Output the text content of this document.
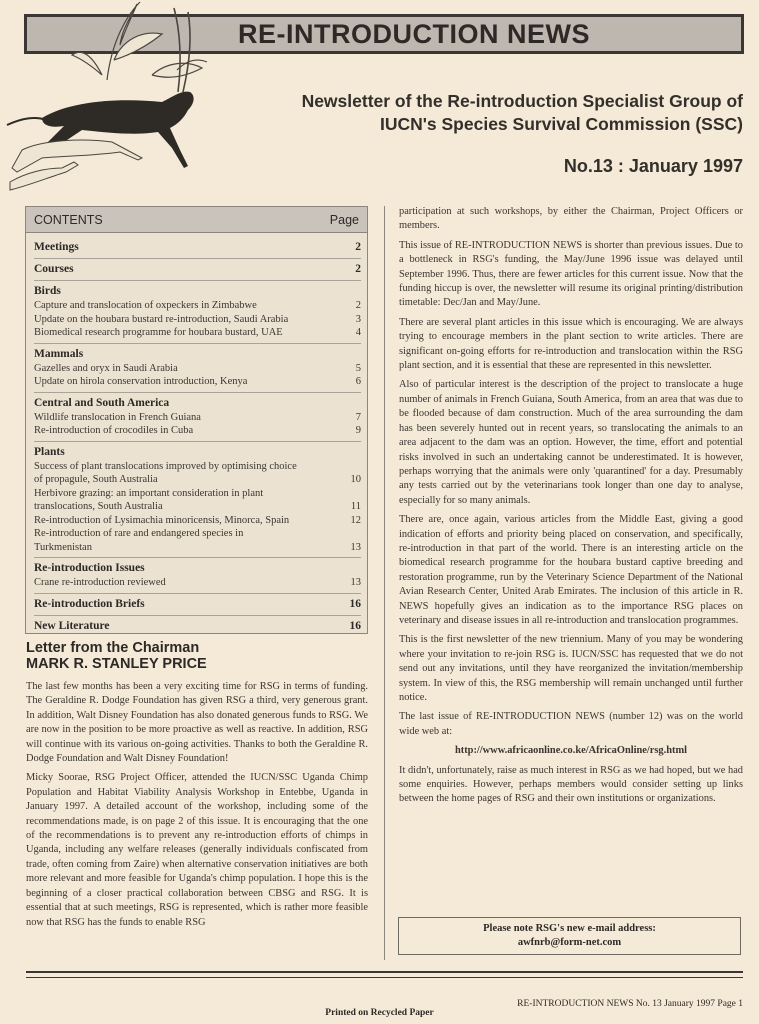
RE-INTRODUCTION NEWS
Newsletter of the Re-introduction Specialist Group of
IUCN's Species Survival Commission (SSC)
No.13 : January 1997
CONTENTS	Page
Meetings	2
Courses	2
Birds
Capture and translocation of oxpeckers in Zimbabwe	2
Update on the houbara bustard re-introduction, Saudi Arabia	3
Biomedical research programme for houbara bustard, UAE	4
Mammals
Gazelles and oryx in Saudi Arabia	5
Update on hirola conservation introduction, Kenya	6
Central and South America
Wildlife translocation in French Guiana	7
Re-introduction of crocodiles in Cuba	9
Plants
Success of plant translocations improved by optimising choice
of propagule, South Australia	10
Herbivore grazing: an important consideration in plant
translocations, South Australia	11
Re-introduction of Lysimachia minoricensis, Minorca, Spain	12
Re-introduction of rare and endangered species in
Turkmenistan	13
Re-introduction Issues
Crane re-introduction reviewed	13
Re-introduction Briefs	16
New Literature	16
Letter from the Chairman
MARK R. STANLEY PRICE

The last few months has been a very exciting time for RSG in terms of funding. The Geraldine R. Dodge Foundation has given RSG a third, very generous grant. In addition, Walt Disney Foundation has also donated generous funds to RSG. We are now in the position to be more proactive as well as reactive. In addition, RSG will continue with its various on-going activities. Thanks to both the Geraldine R. Dodge Foundation and Walt Disney Foundation!

Micky Soorae, RSG Project Officer, attended the IUCN/SSC Uganda Chimp Population and Habitat Viability Analysis Workshop in Entebbe, Uganda in January 1997. A detailed account of the workshop, including some of the recommendations made, is on page 2 of this issue. It is encouraging that the one of the recommendations is to prevent any re-introduction efforts of chimps in Uganda, including any welfare releases (generally individuals confiscated from trade, often coming from Zaire) when alternative conservation initiatives are both more relevant and more feasible for Uganda's chimp population. I hope this is the beginning of a closer practical collaboration between CBSG and RSG. It is essential that at such meetings, RSG is represented, which is rather more feasible now that RSG has the funds to enable RSG

participation at such workshops, by either the Chairman, Project Officers or members.

This issue of RE-INTRODUCTION NEWS is shorter than previous issues. Due to a bottleneck in RSG's funding, the May/June 1996 issue was delayed until September 1996. Thus, there are fewer articles for this current issue. Now that the funding hiccup is over, the newsletter will resume its original printing/distribution timetable: Dec/Jan and May/June.

There are several plant articles in this issue which is encouraging. We are always trying to encourage members in the plant section to write articles. There are significant on-going efforts for re-introduction and translocation within the RSG plant section, and it is essential that these are represented in this newsletter.

Also of particular interest is the description of the project to translocate a huge number of animals in French Guiana, South America, from an area that was due to be flooded because of dam construction. Much of the area surrounding the dam has been severely hunted out in recent years, so translocating the animals to an area adjacent to the dam was an option. However, the time, effort and potential risks involved in such an undertaking cannot be underestimated. It is however, perhaps worrying that the animals were only 'quarantined' for a day. Presumably any tests carried out by the veterinarians took longer than one day to analyse, especially for so many animals.

There are, once again, various articles from the Middle East, giving a good indication of efforts and priority being placed on conservation, and specifically, re-introduction in that part of the world. There is an interesting article on the biomedical research programme for the houbara bustard captive breeding and restoration programme, run by the Veterinary Science Department of the National Avian Research Center, United Arab Emirates. The inclusion of this article in R. NEWS hopefully gives an indication as to the importance RSG places on veterinary and disease issues in all re-introduction and translocation programmes.

This is the first newsletter of the new triennium. Many of you may be wondering where your invitation to re-join RSG is. IUCN/SSC has requested that we do not send out any invitations, until they have reorganized the invitation/membership system. In view of this, the RSG membership will remain unchanged until further notice.

The last issue of RE-INTRODUCTION NEWS (number 12) was on the world wide web at:

http://www.africaonline.co.ke/AfricaOnline/rsg.html

It didn't, unfortunately, raise as much interest in RSG as we had hoped, but we had some enquiries. However, perhaps members would consider setting up links between the home pages of RSG and their own institutions or organizations.

Please note RSG's new e-mail address:
awfnrb@form-net.com
RE-INTRODUCTION NEWS No. 13 January 1997 Page 1
Printed on Recycled Paper
